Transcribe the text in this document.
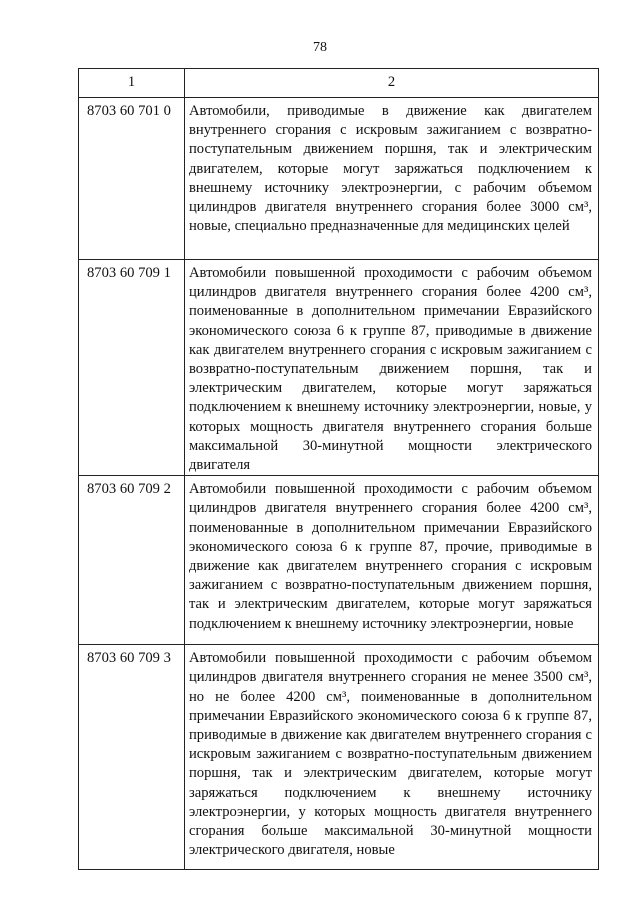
78
1	2
8703 60 701 0	Автомобили, приводимые в движение как двигателем внутреннего сгорания с искровым зажиганием с возвратно-поступательным движением поршня, так и электрическим двигателем, которые могут заряжаться подключением к внешнему источнику электроэнергии, с рабочим объемом цилиндров двигателя внутреннего сгорания более 3000 см³, новые, специально предназначенные для медицинских целей
8703 60 709 1	Автомобили повышенной проходимости с рабочим объемом цилиндров двигателя внутреннего сгорания более 4200 см³, поименованные в дополнительном примечании Евразийского экономического союза 6 к группе 87, приводимые в движение как двигателем внутреннего сгорания с искровым зажиганием с возвратно-поступательным движением поршня, так и электрическим двигателем, которые могут заряжаться подключением к внешнему источнику электроэнергии, новые, у которых мощность двигателя внутреннего сгорания больше максимальной 30-минутной мощности электрического двигателя
8703 60 709 2	Автомобили повышенной проходимости с рабочим объемом цилиндров двигателя внутреннего сгорания более 4200 см³, поименованные в дополнительном примечании Евразийского экономического союза 6 к группе 87, прочие, приводимые в движение как двигателем внутреннего сгорания с искровым зажиганием с возвратно-поступательным движением поршня, так и электрическим двигателем, которые могут заряжаться подключением к внешнему источнику электроэнергии, новые
8703 60 709 3	Автомобили повышенной проходимости с рабочим объемом цилиндров двигателя внутреннего сгорания не менее 3500 см³, но не более 4200 см³, поименованные в дополнительном примечании Евразийского экономического союза 6 к группе 87, приводимые в движение как двигателем внутреннего сгорания с искровым зажиганием с возвратно-поступательным движением поршня, так и электрическим двигателем, которые могут заряжаться подключением к внешнему источнику электроэнергии, у которых мощность двигателя внутреннего сгорания больше максимальной 30-минутной мощности электрического двигателя, новые
